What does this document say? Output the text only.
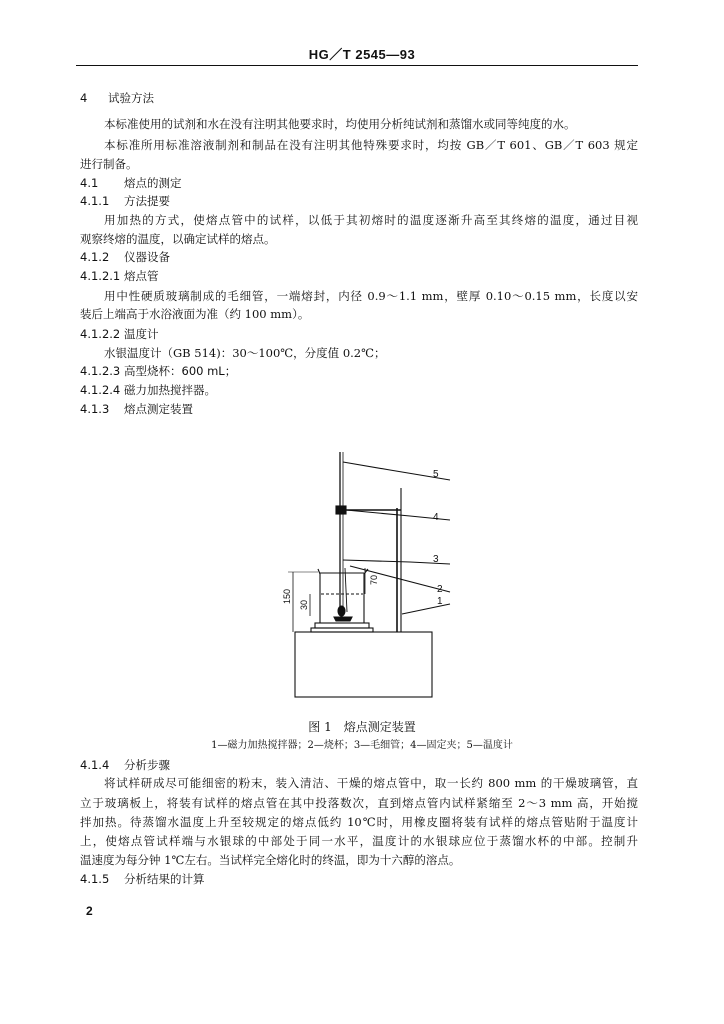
HG／T 2545—93
4 试验方法
本标准使用的试剂和水在没有注明其他要求时，均使用分析纯试剂和蒸馏水或同等纯度的水。
本标准所用标准溶液制剂和制品在没有注明其他特殊要求时，均按 GB／T 601、GB／T 603 规定
进行制备。
4.1 熔点的测定
4.1.1 方法提要
用加热的方式，使熔点管中的试样，以低于其初熔时的温度逐渐升高至其终熔的温度，通过目视
观察终熔的温度，以确定试样的熔点。
4.1.2 仪器设备
4.1.2.1 熔点管
用中性硬质玻璃制成的毛细管，一端熔封，内径 0.9～1.1 mm，壁厚 0.10～0.15 mm，长度以安
装后上端高于水浴液面为准（约 100 mm）。
4.1.2.2 温度计
水银温度计（GB 514)：30～100℃，分度值 0.2℃；
4.1.2.3 高型烧杯：600 mL；
4.1.2.4 磁力加热搅拌器。
4.1.3 熔点测定装置
5
4
3
2
1
150
30
70
图 1　熔点测定装置
1—磁力加热搅拌器；2—烧杯；3—毛细管；4—固定夹；5—温度计
4.1.4 分析步骤
将试样研成尽可能细密的粉末，装入清洁、干燥的熔点管中，取一长约 800 mm 的干燥玻璃管，直
立于玻璃板上，将装有试样的熔点管在其中投落数次，直到熔点管内试样紧缩至 2～3 mm 高，开始搅
拌加热。待蒸馏水温度上升至较规定的熔点低约 10℃时，用橡皮圈将装有试样的熔点管贴附于温度计
上，使熔点管试样端与水银球的中部处于同一水平，温度计的水银球应位于蒸馏水杯的中部。控制升
温速度为每分钟 1℃左右。当试样完全熔化时的终温，即为十六醇的溶点。
4.1.5 分析结果的计算
2
